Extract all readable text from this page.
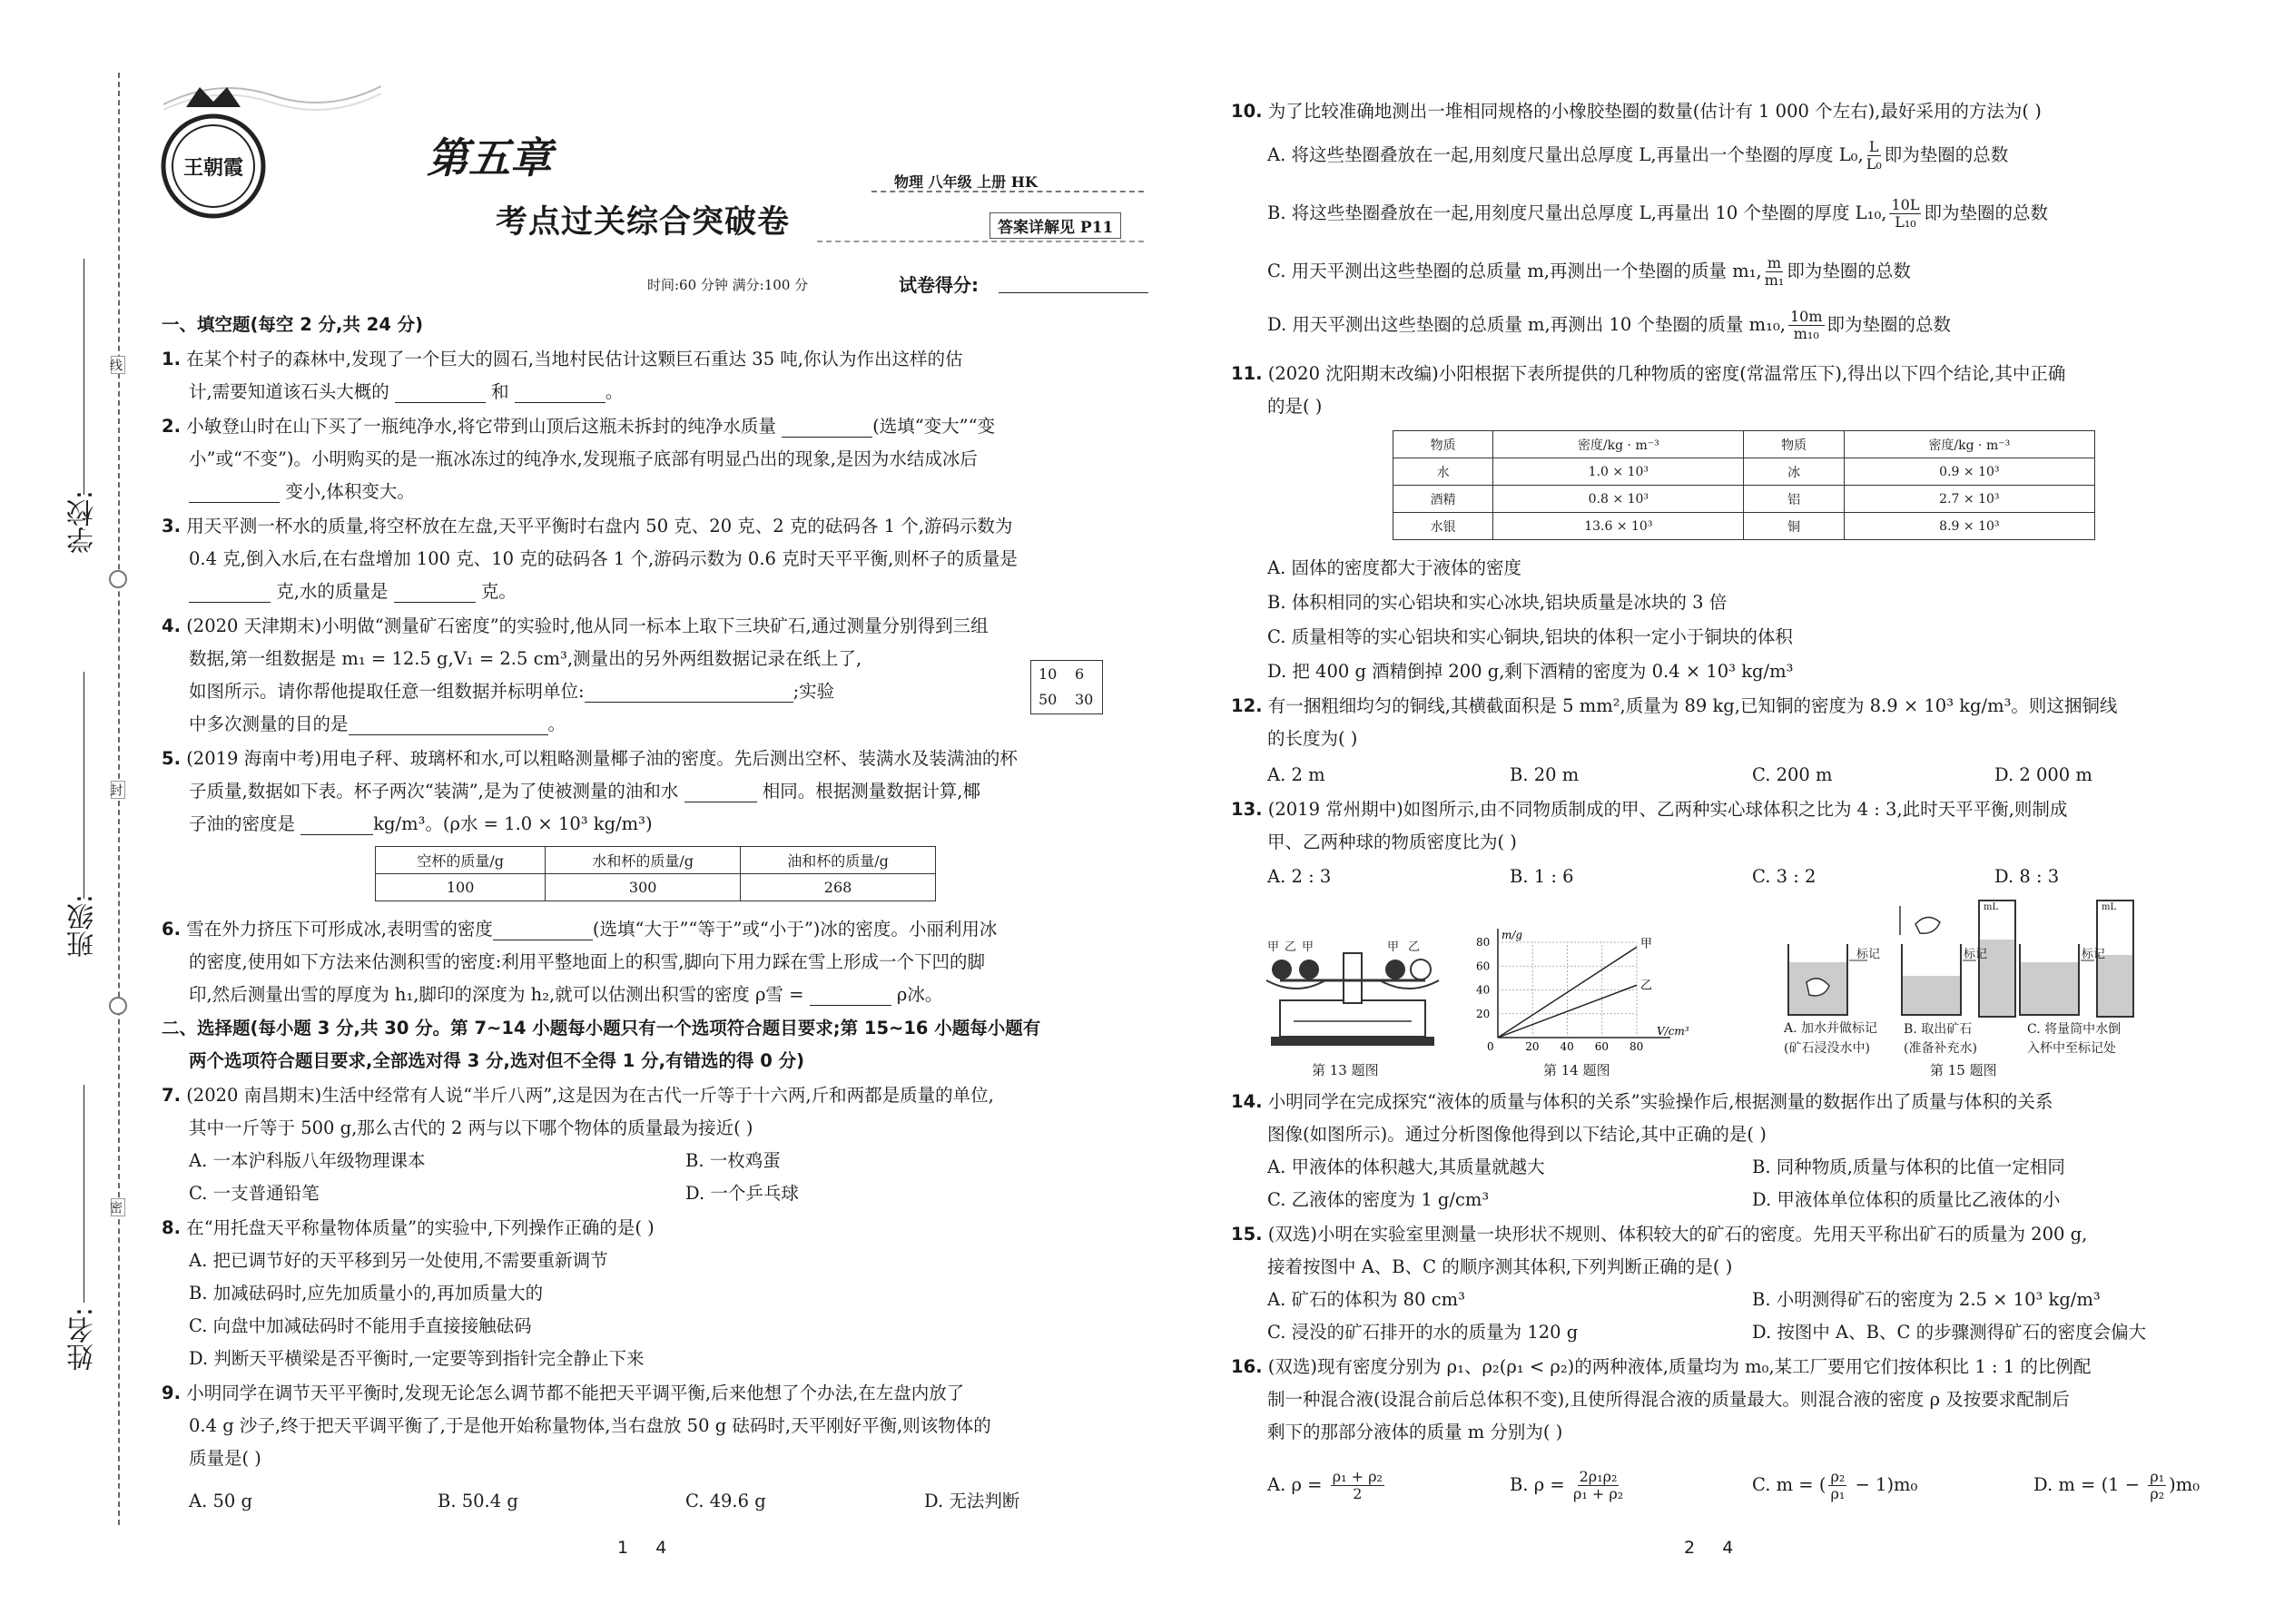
学校:
班级:
姓名:
线
封
密
王朝霞	第五章
考点过关综合突破卷
物理 八年级 上册 HK
答案详解见 P11
时间:60 分钟 满分:100 分	试卷得分:
一、填空题(每空 2 分,共 24 分)
1. 在某个村子的森林中,发现了一个巨大的圆石,当地村民估计这颗巨石重达 35 吨,你认为作出这样的估
计,需要知道该石头大概的	和	。
2. 小敏登山时在山下买了一瓶纯净水,将它带到山顶后这瓶未拆封的纯净水质量	(选填“变大”“变
小”或“不变”)。小明购买的是一瓶冰冻过的纯净水,发现瓶子底部有明显凸出的现象,是因为水结成冰后
变小,体积变大。
3. 用天平测一杯水的质量,将空杯放在左盘,天平平衡时右盘内 50 克、20 克、2 克的砝码各 1 个,游码示数为
0.4 克,倒入水后,在右盘增加 100 克、10 克的砝码各 1 个,游码示数为 0.6 克时天平平衡,则杯子的质量是
克,水的质量是	克。
4. (2020 天津期末)小明做“测量矿石密度”的实验时,他从同一标本上取下三块矿石,通过测量分别得到三组
数据,第一组数据是 m₁ = 12.5 g,V₁ = 2.5 cm³,测量出的另外两组数据记录在纸上了,
如图所示。请你帮他提取任意一组数据并标明单位:	;实验
中多次测量的目的是	。
10 6
50 30
5. (2019 海南中考)用电子秤、玻璃杯和水,可以粗略测量椰子油的密度。先后测出空杯、装满水及装满油的杯
子质量,数据如下表。杯子两次“装满”,是为了使被测量的油和水	相同。根据测量数据计算,椰
子油的密度是	kg/m³。(ρ水 = 1.0 × 10³ kg/m³)
空杯的质量/g	水和杯的质量/g	油和杯的质量/g
100	300	268
6. 雪在外力挤压下可形成冰,表明雪的密度	(选填“大于”“等于”或“小于”)冰的密度。小丽利用冰
的密度,使用如下方法来估测积雪的密度:利用平整地面上的积雪,脚向下用力踩在雪上形成一个下凹的脚
印,然后测量出雪的厚度为 h₁,脚印的深度为 h₂,就可以估测出积雪的密度 ρ雪 =	ρ冰。
二、选择题(每小题 3 分,共 30 分。第 7~14 小题每小题只有一个选项符合题目要求;第 15~16 小题每小题有
两个选项符合题目要求,全部选对得 3 分,选对但不全得 1 分,有错选的得 0 分)
7. (2020 南昌期末)生活中经常有人说“半斤八两”,这是因为在古代一斤等于十六两,斤和两都是质量的单位,
其中一斤等于 500 g,那么古代的 2 两与以下哪个物体的质量最为接近( )
A. 一本沪科版八年级物理课本	B. 一枚鸡蛋
C. 一支普通铅笔	D. 一个乒乓球
8. 在“用托盘天平称量物体质量”的实验中,下列操作正确的是( )
A. 把已调节好的天平移到另一处使用,不需要重新调节
B. 加减砝码时,应先加质量小的,再加质量大的
C. 向盘中加减砝码时不能用手直接接触砝码
D. 判断天平横梁是否平衡时,一定要等到指针完全静止下来
9. 小明同学在调节天平平衡时,发现无论怎么调节都不能把天平调平衡,后来他想了个办法,在左盘内放了
0.4 g 沙子,终于把天平调平衡了,于是他开始称量物体,当右盘放 50 g 砝码时,天平刚好平衡,则该物体的
质量是( )
A. 50 g	B. 50.4 g	C. 49.6 g	D. 无法判断
1     4
10. 为了比较准确地测出一堆相同规格的小橡胶垫圈的数量(估计有 1 000 个左右),最好采用的方法为( )
A. 将这些垫圈叠放在一起,用刻度尺量出总厚度 L,再量出一个垫圈的厚度 L₀, $\frac{L}{\text{L₀}}$ 即为垫圈的总数
B. 将这些垫圈叠放在一起,用刻度尺量出总厚度 L,再量出 10 个垫圈的厚度 L₁₀, $\frac{10L}{\text{L₁₀}}$ 即为垫圈的总数
C. 用天平测出这些垫圈的总质量 m,再测出一个垫圈的质量 m₁, $\frac{m}{\text{m₁}}$ 即为垫圈的总数
D. 用天平测出这些垫圈的总质量 m,再测出 10 个垫圈的质量 m₁₀, $\frac{10m}{\text{m₁₀}}$ 即为垫圈的总数
11. (2020 沈阳期末改编)小阳根据下表所提供的几种物质的密度(常温常压下),得出以下四个结论,其中正确
的是( )
物质	密度/kg · m⁻³	物质	密度/kg · m⁻³
水	1.0 × 10³	冰	0.9 × 10³
酒精	0.8 × 10³	铝	2.7 × 10³
水银	13.6 × 10³	铜	8.9 × 10³
A. 固体的密度都大于液体的密度
B. 体积相同的实心铝块和实心冰块,铝块质量是冰块的 3 倍
C. 质量相等的实心铝块和实心铜块,铝块的体积一定小于铜块的体积
D. 把 400 g 酒精倒掉 200 g,剩下酒精的密度为 0.4 × 10³ kg/m³
12. 有一捆粗细均匀的铜线,其横截面积是 5 mm²,质量为 89 kg,已知铜的密度为 8.9 × 10³ kg/m³。则这捆铜线
的长度为( )
A. 2 m	B. 20 m	C. 200 m	D. 2 000 m
13. (2019 常州期中)如图所示,由不同物质制成的甲、乙两种实心球体积之比为 4 : 3,此时天平平衡,则制成
甲、乙两种球的物质密度比为( )
A. 2 : 3	B. 1 : 6	C. 3 : 2	D. 8 : 3
甲乙甲	甲乙
第 13 题图
m/g
V/cm³
0
80
60
40
20
20 40 60 80
甲
乙
第 14 题图
标记	标记	标记
mL	mL
A. 加水并做标记 B. 取出矿石	C. 将量筒中水倒
(矿石浸没水中)	(准备补充水)	入杯中至标记处
第 15 题图
14. 小明同学在完成探究“液体的质量与体积的关系”实验操作后,根据测量的数据作出了质量与体积的关系
图像(如图所示)。通过分析图像他得到以下结论,其中正确的是( )
A. 甲液体的体积越大,其质量就越大	B. 同种物质,质量与体积的比值一定相同
C. 乙液体的密度为 1 g/cm³	D. 甲液体单位体积的质量比乙液体的小
15. (双选)小明在实验室里测量一块形状不规则、体积较大的矿石的密度。先用天平称出矿石的质量为 200 g,
接着按图中 A、B、C 的顺序测其体积,下列判断正确的是( )
A. 矿石的体积为 80 cm³	B. 小明测得矿石的密度为 2.5 × 10³ kg/m³
C. 浸没的矿石排开的水的质量为 120 g	D. 按图中 A、B、C 的步骤测得矿石的密度会偏大
16. (双选)现有密度分别为 ρ₁、ρ₂(ρ₁ < ρ₂)的两种液体,质量均为 m₀,某工厂要用它们按体积比 1 : 1 的比例配
制一种混合液(设混合前后总体积不变),且使所得混合液的质量最大。则混合液的密度 ρ 及按要求配制后
剩下的那部分液体的质量 m 分别为( )
A. $\rho = \frac{\text{ρ₁ + ρ₂}}{2}$	B. $\rho = \frac{\text{2ρ₁ρ₂}}{\text{ρ₁ + ρ₂}}$	C. m = ( $\frac{\text{ρ₂}}{\text{ρ₁}} - 1)m_0$	D. $m = (1 - \frac{\text{ρ₁}}{\text{ρ₂}} )m_0$
2     4
